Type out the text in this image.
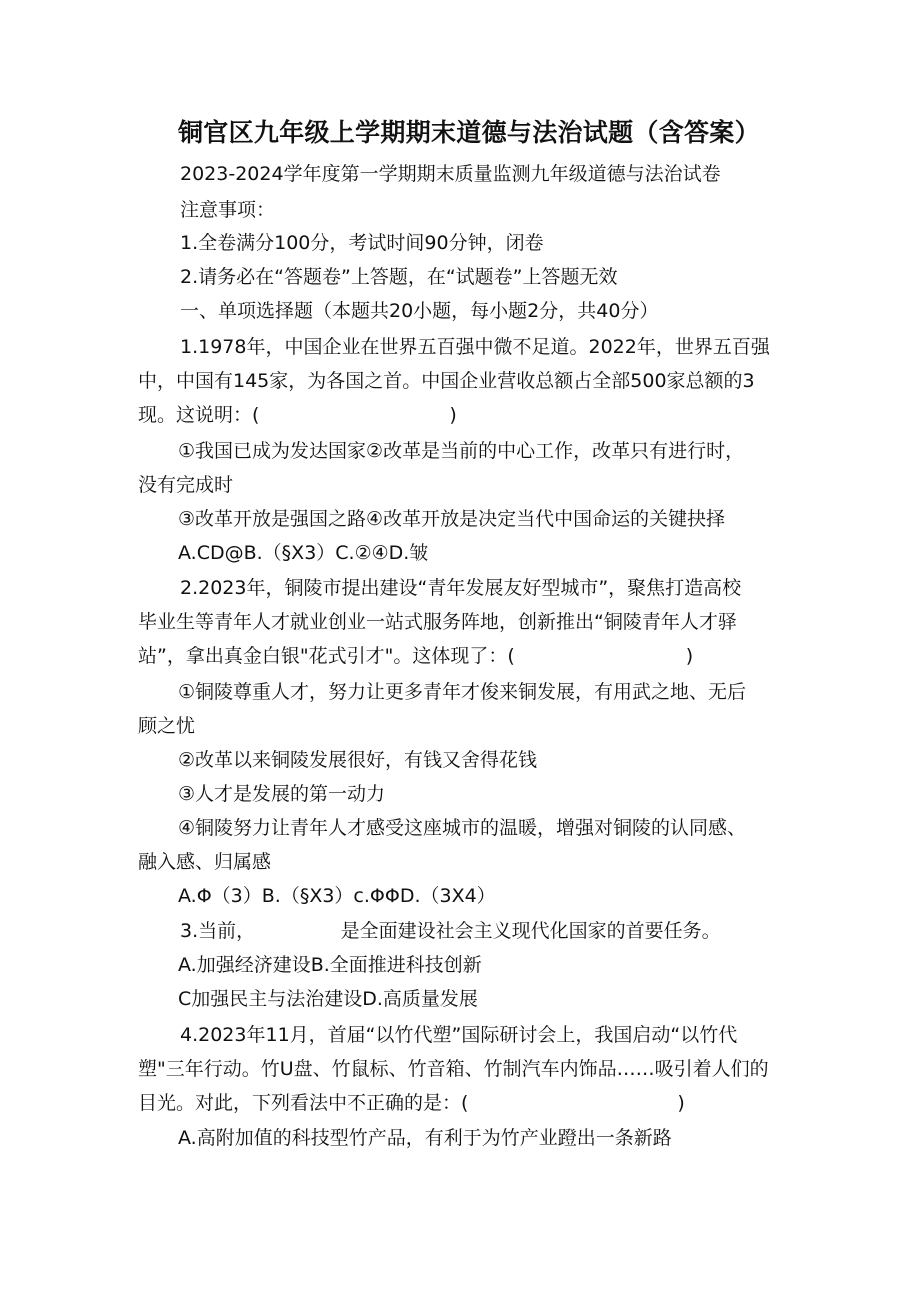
铜官区九年级上学期期末道德与法治试题（含答案）
2023-2024学年度第一学期期末质量监测九年级道德与法治试卷
注意事项：
1.全卷满分100分，考试时间90分钟，闭卷
2.请务必在“答题卷”上答题，在“试题卷”上答题无效
一、单项选择题（本题共20小题，每小题2分，共40分）
1.1978年，中国企业在世界五百强中微不足道。2022年，世界五百强
中，中国有145家，为各国之首。中国企业营收总额占全部500家总额的3
现。这说明：(　　　　　　　　　　)
①我国已成为发达国家②改革是当前的中心工作，改革只有进行时，
没有完成时
③改革开放是强国之路④改革开放是决定当代中国命运的关键抉择
A.CD@B.（§X3）C.②④D.皱
2.2023年，铜陵市提出建设“青年发展友好型城市”，聚焦打造高校
毕业生等青年人才就业创业一站式服务阵地，创新推出“铜陵青年人才驿
站”，拿出真金白银"花式引才"。这体现了：(　　　　　　　　　)
①铜陵尊重人才，努力让更多青年才俊来铜发展，有用武之地、无后
顾之忧
②改革以来铜陵发展很好，有钱又舍得花钱
③人才是发展的第一动力
④铜陵努力让青年人才感受这座城市的温暖，增强对铜陵的认同感、
融入感、归属感
A.Φ（3）B.（§X3）c.ΦΦD.（3X4）
3.当前，　　　　　是全面建设社会主义现代化国家的首要任务。
A.加强经济建设B.全面推进科技创新
C加强民主与法治建设D.高质量发展
4.2023年11月，首届“以竹代塑”国际研讨会上，我国启动“以竹代
塑"三年行动。竹U盘、竹鼠标、竹音箱、竹制汽车内饰品……吸引着人们的
目光。对此，下列看法中不正确的是：(　　　　　　　　　　　)
A.高附加值的科技型竹产品，有利于为竹产业蹬出一条新路
